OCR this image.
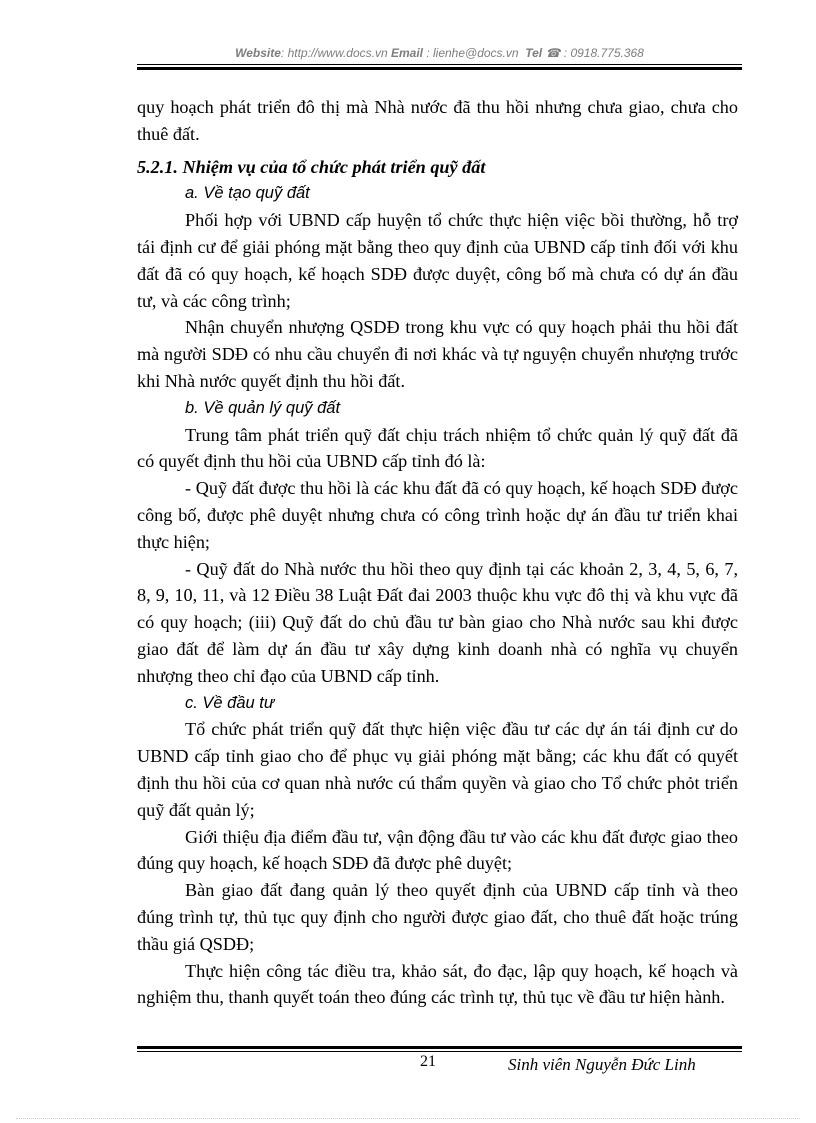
Website: http://www.docs.vn Email : lienhe@docs.vn Tel ☎ : 0918.775.368

quy hoạch phát triển đô thị mà Nhà nước đã thu hồi nhưng chưa giao, chưa cho thuê đất.

5.2.1. Nhiệm vụ của tổ chức phát triển quỹ đất

a. Về tạo quỹ đất

Phối hợp với UBND cấp huyện tổ chức thực hiện việc bồi thường, hỗ trợ tái định cư để giải phóng mặt bằng theo quy định của UBND cấp tỉnh đối với khu đất đã có quy hoạch, kế hoạch SDĐ được duyệt, công bố mà chưa có dự án đầu tư, và các công trình;

Nhận chuyển nhượng QSDĐ trong khu vực có quy hoạch phải thu hồi đất mà người SDĐ có nhu cầu chuyển đi nơi khác và tự nguyện chuyển nhượng trước khi Nhà nước quyết định thu hồi đất.

b. Về quản lý quỹ đất

Trung tâm phát triển quỹ đất chịu trách nhiệm tổ chức quản lý quỹ đất đã có quyết định thu hồi của UBND cấp tỉnh đó là:

- Quỹ đất được thu hồi là các khu đất đã có quy hoạch, kế hoạch SDĐ được công bố, được phê duyệt nhưng chưa có công trình hoặc dự án đầu tư triển khai thực hiện;

- Quỹ đất do Nhà nước thu hồi theo quy định tại các khoản 2, 3, 4, 5, 6, 7, 8, 9, 10, 11, và 12 Điều 38 Luật Đất đai 2003 thuộc khu vực đô thị và khu vực đã có quy hoạch; (iii) Quỹ đất do chủ đầu tư bàn giao cho Nhà nước sau khi được giao đất để làm dự án đầu tư xây dựng kinh doanh nhà có nghĩa vụ chuyển nhượng theo chỉ đạo của UBND cấp tỉnh.

c. Về đầu tư

Tổ chức phát triển quỹ đất thực hiện việc đầu tư các dự án tái định cư do UBND cấp tỉnh giao cho để phục vụ giải phóng mặt bằng; các khu đất có quyết định thu hồi của cơ quan nhà nước cú thẩm quyền và giao cho Tổ chức phỏt triển quỹ đất quản lý;

Giới thiệu địa điểm đầu tư, vận động đầu tư vào các khu đất được giao theo đúng quy hoạch, kế hoạch SDĐ đã được phê duyệt;

Bàn giao đất đang quản lý theo quyết định của UBND cấp tỉnh và theo đúng trình tự, thủ tục quy định cho người được giao đất, cho thuê đất hoặc trúng thầu giá QSDĐ;

Thực hiện công tác điều tra, khảo sát, đo đạc, lập quy hoạch, kế hoạch và nghiệm thu, thanh quyết toán theo đúng các trình tự, thủ tục về đầu tư hiện hành.

21	Sinh viên Nguyễn Đức Linh
